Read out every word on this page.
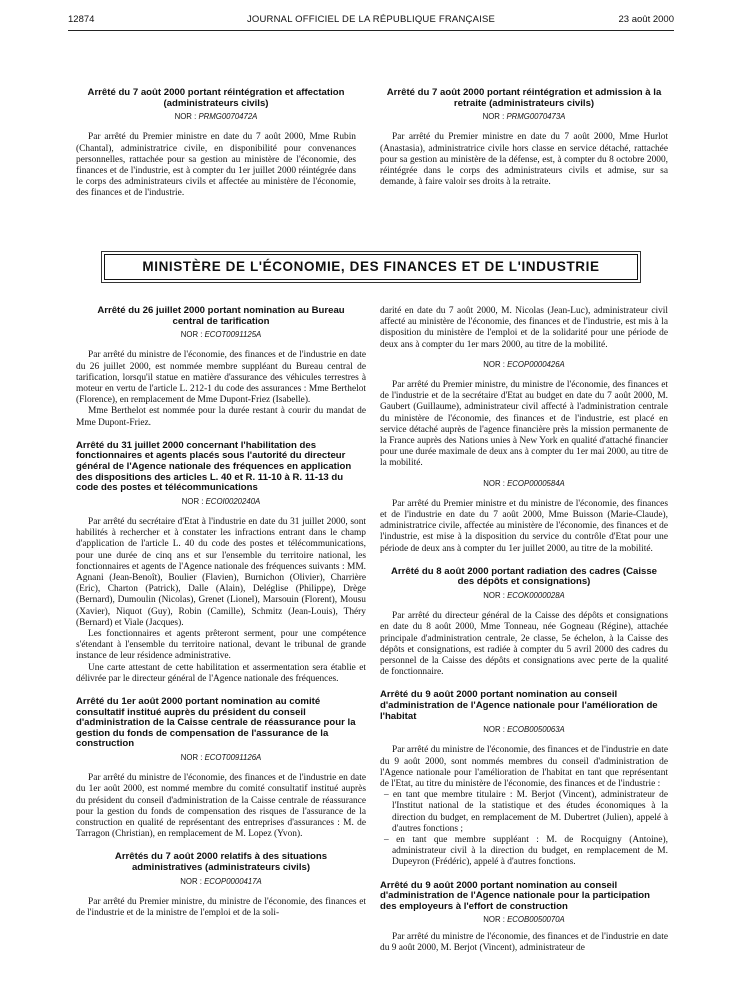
12874	JOURNAL OFFICIEL DE LA RÉPUBLIQUE FRANÇAISE	23 août 2000
Arrêté du 7 août 2000 portant réintégration et affectation (administrateurs civils)
NOR : PRMG0070472A

Par arrêté du Premier ministre en date du 7 août 2000, Mme Rubin (Chantal), administratrice civile, en disponibilité pour convenances personnelles, rattachée pour sa gestion au ministère de l'économie, des finances et de l'industrie, est à compter du 1er juillet 2000 réintégrée dans le corps des administrateurs civils et affectée au ministère de l'économie, des finances et de l'industrie.

Arrêté du 7 août 2000 portant réintégration et admission à la retraite (administrateurs civils)
NOR : PRMG0070473A

Par arrêté du Premier ministre en date du 7 août 2000, Mme Hurlot (Anastasia), administratrice civile hors classe en service détaché, rattachée pour sa gestion au ministère de la défense, est, à compter du 8 octobre 2000, réintégrée dans le corps des administrateurs civils et admise, sur sa demande, à faire valoir ses droits à la retraite.

MINISTÈRE DE L'ÉCONOMIE, DES FINANCES ET DE L'INDUSTRIE
Arrêté du 26 juillet 2000 portant nomination au Bureau central de tarification
NOR : ECOT0091125A

Par arrêté du ministre de l'économie, des finances et de l'industrie en date du 26 juillet 2000, est nommée membre suppléant du Bureau central de tarification, lorsqu'il statue en matière d'assurance des véhicules terrestres à moteur en vertu de l'article L. 212-1 du code des assurances : Mme Berthelot (Florence), en remplacement de Mme Dupont-Friez (Isabelle).

Mme Berthelot est nommée pour la durée restant à courir du mandat de Mme Dupont-Friez.

Arrêté du 31 juillet 2000 concernant l'habilitation des fonctionnaires et agents placés sous l'autorité du directeur général de l'Agence nationale des fréquences en application des dispositions des articles L. 40 et R. 11-10 à R. 11-13 du code des postes et télécommunications
NOR : ECOI0020240A

Par arrêté du secrétaire d'Etat à l'industrie en date du 31 juillet 2000, sont habilités à rechercher et à constater les infractions entrant dans le champ d'application de l'article L. 40 du code des postes et télécommunications, pour une durée de cinq ans et sur l'ensemble du territoire national, les fonctionnaires et agents de l'Agence nationale des fréquences suivants : MM. Agnani (Jean-Benoît), Boulier (Flavien), Burnichon (Olivier), Charrière (Eric), Charton (Patrick), Dalle (Alain), Deléglise (Philippe), Drège (Bernard), Dumoulin (Nicolas), Grenet (Lionel), Marsouin (Florent), Mousu (Xavier), Niquot (Guy), Robin (Camille), Schmitz (Jean-Louis), Théry (Bernard) et Viale (Jacques).

Les fonctionnaires et agents prêteront serment, pour une compétence s'étendant à l'ensemble du territoire national, devant le tribunal de grande instance de leur résidence administrative.

Une carte attestant de cette habilitation et assermentation sera établie et délivrée par le directeur général de l'Agence nationale des fréquences.

Arrêté du 1er août 2000 portant nomination au comité consultatif institué auprès du président du conseil d'administration de la Caisse centrale de réassurance pour la gestion du fonds de compensation de l'assurance de la construction
NOR : ECOT0091126A

Par arrêté du ministre de l'économie, des finances et de l'industrie en date du 1er août 2000, est nommé membre du comité consultatif institué auprès du président du conseil d'administration de la Caisse centrale de réassurance pour la gestion du fonds de compensation des risques de l'assurance de la construction en qualité de représentant des entreprises d'assurances : M. de Tarragon (Christian), en remplacement de M. Lopez (Yvon).

Arrêtés du 7 août 2000 relatifs à des situations administratives (administrateurs civils)
NOR : ECOP0000417A

Par arrêté du Premier ministre, du ministre de l'économie, des finances et de l'industrie et de la ministre de l'emploi et de la soli-

darité en date du 7 août 2000, M. Nicolas (Jean-Luc), administrateur civil affecté au ministère de l'économie, des finances et de l'industrie, est mis à la disposition du ministère de l'emploi et de la solidarité pour une période de deux ans à compter du 1er mars 2000, au titre de la mobilité.

NOR : ECOP0000426A

Par arrêté du Premier ministre, du ministre de l'économie, des finances et de l'industrie et de la secrétaire d'Etat au budget en date du 7 août 2000, M. Gaubert (Guillaume), administrateur civil affecté à l'administration centrale du ministère de l'économie, des finances et de l'industrie, est placé en service détaché auprès de l'agence financière près la mission permanente de la France auprès des Nations unies à New York en qualité d'attaché financier pour une durée maximale de deux ans à compter du 1er mai 2000, au titre de la mobilité.

NOR : ECOP0000584A

Par arrêté du Premier ministre et du ministre de l'économie, des finances et de l'industrie en date du 7 août 2000, Mme Buisson (Marie-Claude), administratrice civile, affectée au ministère de l'économie, des finances et de l'industrie, est mise à la disposition du service du contrôle d'Etat pour une période de deux ans à compter du 1er juillet 2000, au titre de la mobilité.

Arrêté du 8 août 2000 portant radiation des cadres (Caisse des dépôts et consignations)
NOR : ECOK0000028A

Par arrêté du directeur général de la Caisse des dépôts et consignations en date du 8 août 2000, Mme Tonneau, née Gogneau (Régine), attachée principale d'administration centrale, 2e classe, 5e échelon, à la Caisse des dépôts et consignations, est radiée à compter du 5 avril 2000 des cadres du personnel de la Caisse des dépôts et consignations avec perte de la qualité de fonctionnaire.

Arrêté du 9 août 2000 portant nomination au conseil d'administration de l'Agence nationale pour l'amélioration de l'habitat
NOR : ECOB0050063A

Par arrêté du ministre de l'économie, des finances et de l'industrie en date du 9 août 2000, sont nommés membres du conseil d'administration de l'Agence nationale pour l'amélioration de l'habitat en tant que représentant de l'Etat, au titre du ministère de l'économie, des finances et de l'industrie :

– en tant que membre titulaire : M. Berjot (Vincent), administrateur de l'Institut national de la statistique et des études économiques à la direction du budget, en remplacement de M. Dubertret (Julien), appelé à d'autres fonctions ;
– en tant que membre suppléant : M. de Rocquigny (Antoine), administrateur civil à la direction du budget, en remplacement de M. Dupeyron (Frédéric), appelé à d'autres fonctions.
Arrêté du 9 août 2000 portant nomination au conseil d'administration de l'Agence nationale pour la participation des employeurs à l'effort de construction
NOR : ECOB0050070A

Par arrêté du ministre de l'économie, des finances et de l'industrie en date du 9 août 2000, M. Berjot (Vincent), administrateur de
